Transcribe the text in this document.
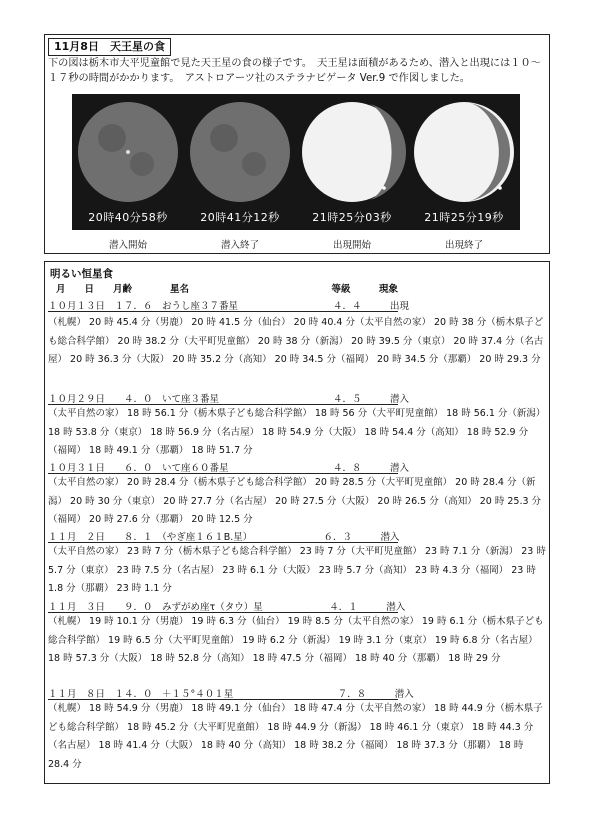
11月8日　天王星の食
下の図は栃木市大平児童館で見た天王星の食の様子です。　天王星は面積があるため、潜入と出現には１０〜１７秒の時間がかかります。　アストロアーツ社のステラナビゲータ Ver.9 で作図しました。
20時40分58秒	20時41分12秒	21時25分03秒	21時25分19秒
潜入開始	潜入終了	出現開始	出現終了
明るい恒星食
月　　日　　月齢　　　　星名　　　　　　　　　　　　　　　等級　　　現象
１０月１３日　１７．６　おうし座３７番星　　　　　　　　　　４．４　　　出現
（札幌） 20 時 45.4 分（男鹿） 20 時 41.5 分（仙台） 20 時 40.4 分（太平自然の家） 20 時 38 分（栃木県子ども総合科学館） 20 時 38.2 分（大平町児童館） 20 時 38 分（新潟） 20 時 39.5 分（東京） 20 時 37.4 分（名古屋） 20 時 36.3 分（大阪） 20 時 35.2 分（高知） 20 時 34.5 分（福岡） 20 時 34.5 分（那覇） 20 時 29.3 分
１０月２９日　　４．０　いて座３番星　　　　　　　　　　　　４．５　　　潜入
（太平自然の家） 18 時 56.1 分（栃木県子ども総合科学館） 18 時 56 分（大平町児童館） 18 時 56.1 分（新潟） 18 時 53.8 分（東京） 18 時 56.9 分（名古屋） 18 時 54.9 分（大阪） 18 時 54.4 分（高知） 18 時 52.9 分（福岡） 18 時 49.1 分（那覇） 18 時 51.7 分
１０月３１日　　６．０　いて座６０番星　　　　　　　　　　　４．８　　　潜入
（太平自然の家） 20 時 28.4 分（栃木県子ども総合科学館） 20 時 28.5 分（大平町児童館） 20 時 28.4 分（新潟） 20 時 30 分（東京） 20 時 27.7 分（名古屋） 20 時 27.5 分（大阪） 20 時 26.5 分（高知） 20 時 25.3 分（福岡） 20 時 27.6 分（那覇） 20 時 12.5 分
１１月　２日　　８．１　（やぎ座１６１B.星）　　　　　　　　６．３　　　潜入
（太平自然の家） 23 時 7 分（栃木県子ども総合科学館） 23 時 7 分（大平町児童館） 23 時 7.1 分（新潟） 23 時 5.7 分（東京） 23 時 7.5 分（名古屋） 23 時 6.1 分（大阪） 23 時 5.7 分（高知） 23 時 4.3 分（福岡） 23 時 1.8 分（那覇） 23 時 1.1 分
１１月　３日　　９．０　みずがめ座τ（タウ）星　　　　　　　４．１　　　潜入
（札幌） 19 時 10.1 分（男鹿） 19 時 6.3 分（仙台） 19 時 8.5 分（太平自然の家） 19 時 6.1 分（栃木県子ども総合科学館） 19 時 6.5 分（大平町児童館） 19 時 6.2 分（新潟） 19 時 3.1 分（東京） 19 時 6.8 分（名古屋） 18 時 57.3 分（大阪） 18 時 52.8 分（高知） 18 時 47.5 分（福岡） 18 時 40 分（那覇） 18 時 29 分
１１月　８日　１４．０　＋１５°４０１星　　　　　　　　　　　７．８　　　潜入
（札幌） 18 時 54.9 分（男鹿） 18 時 49.1 分（仙台） 18 時 47.4 分（太平自然の家） 18 時 44.9 分（栃木県子ども総合科学館） 18 時 45.2 分（大平町児童館） 18 時 44.9 分（新潟） 18 時 46.1 分（東京） 18 時 44.3 分（名古屋） 18 時 41.4 分（大阪） 18 時 40 分（高知） 18 時 38.2 分（福岡） 18 時 37.3 分（那覇） 18 時 28.4 分
